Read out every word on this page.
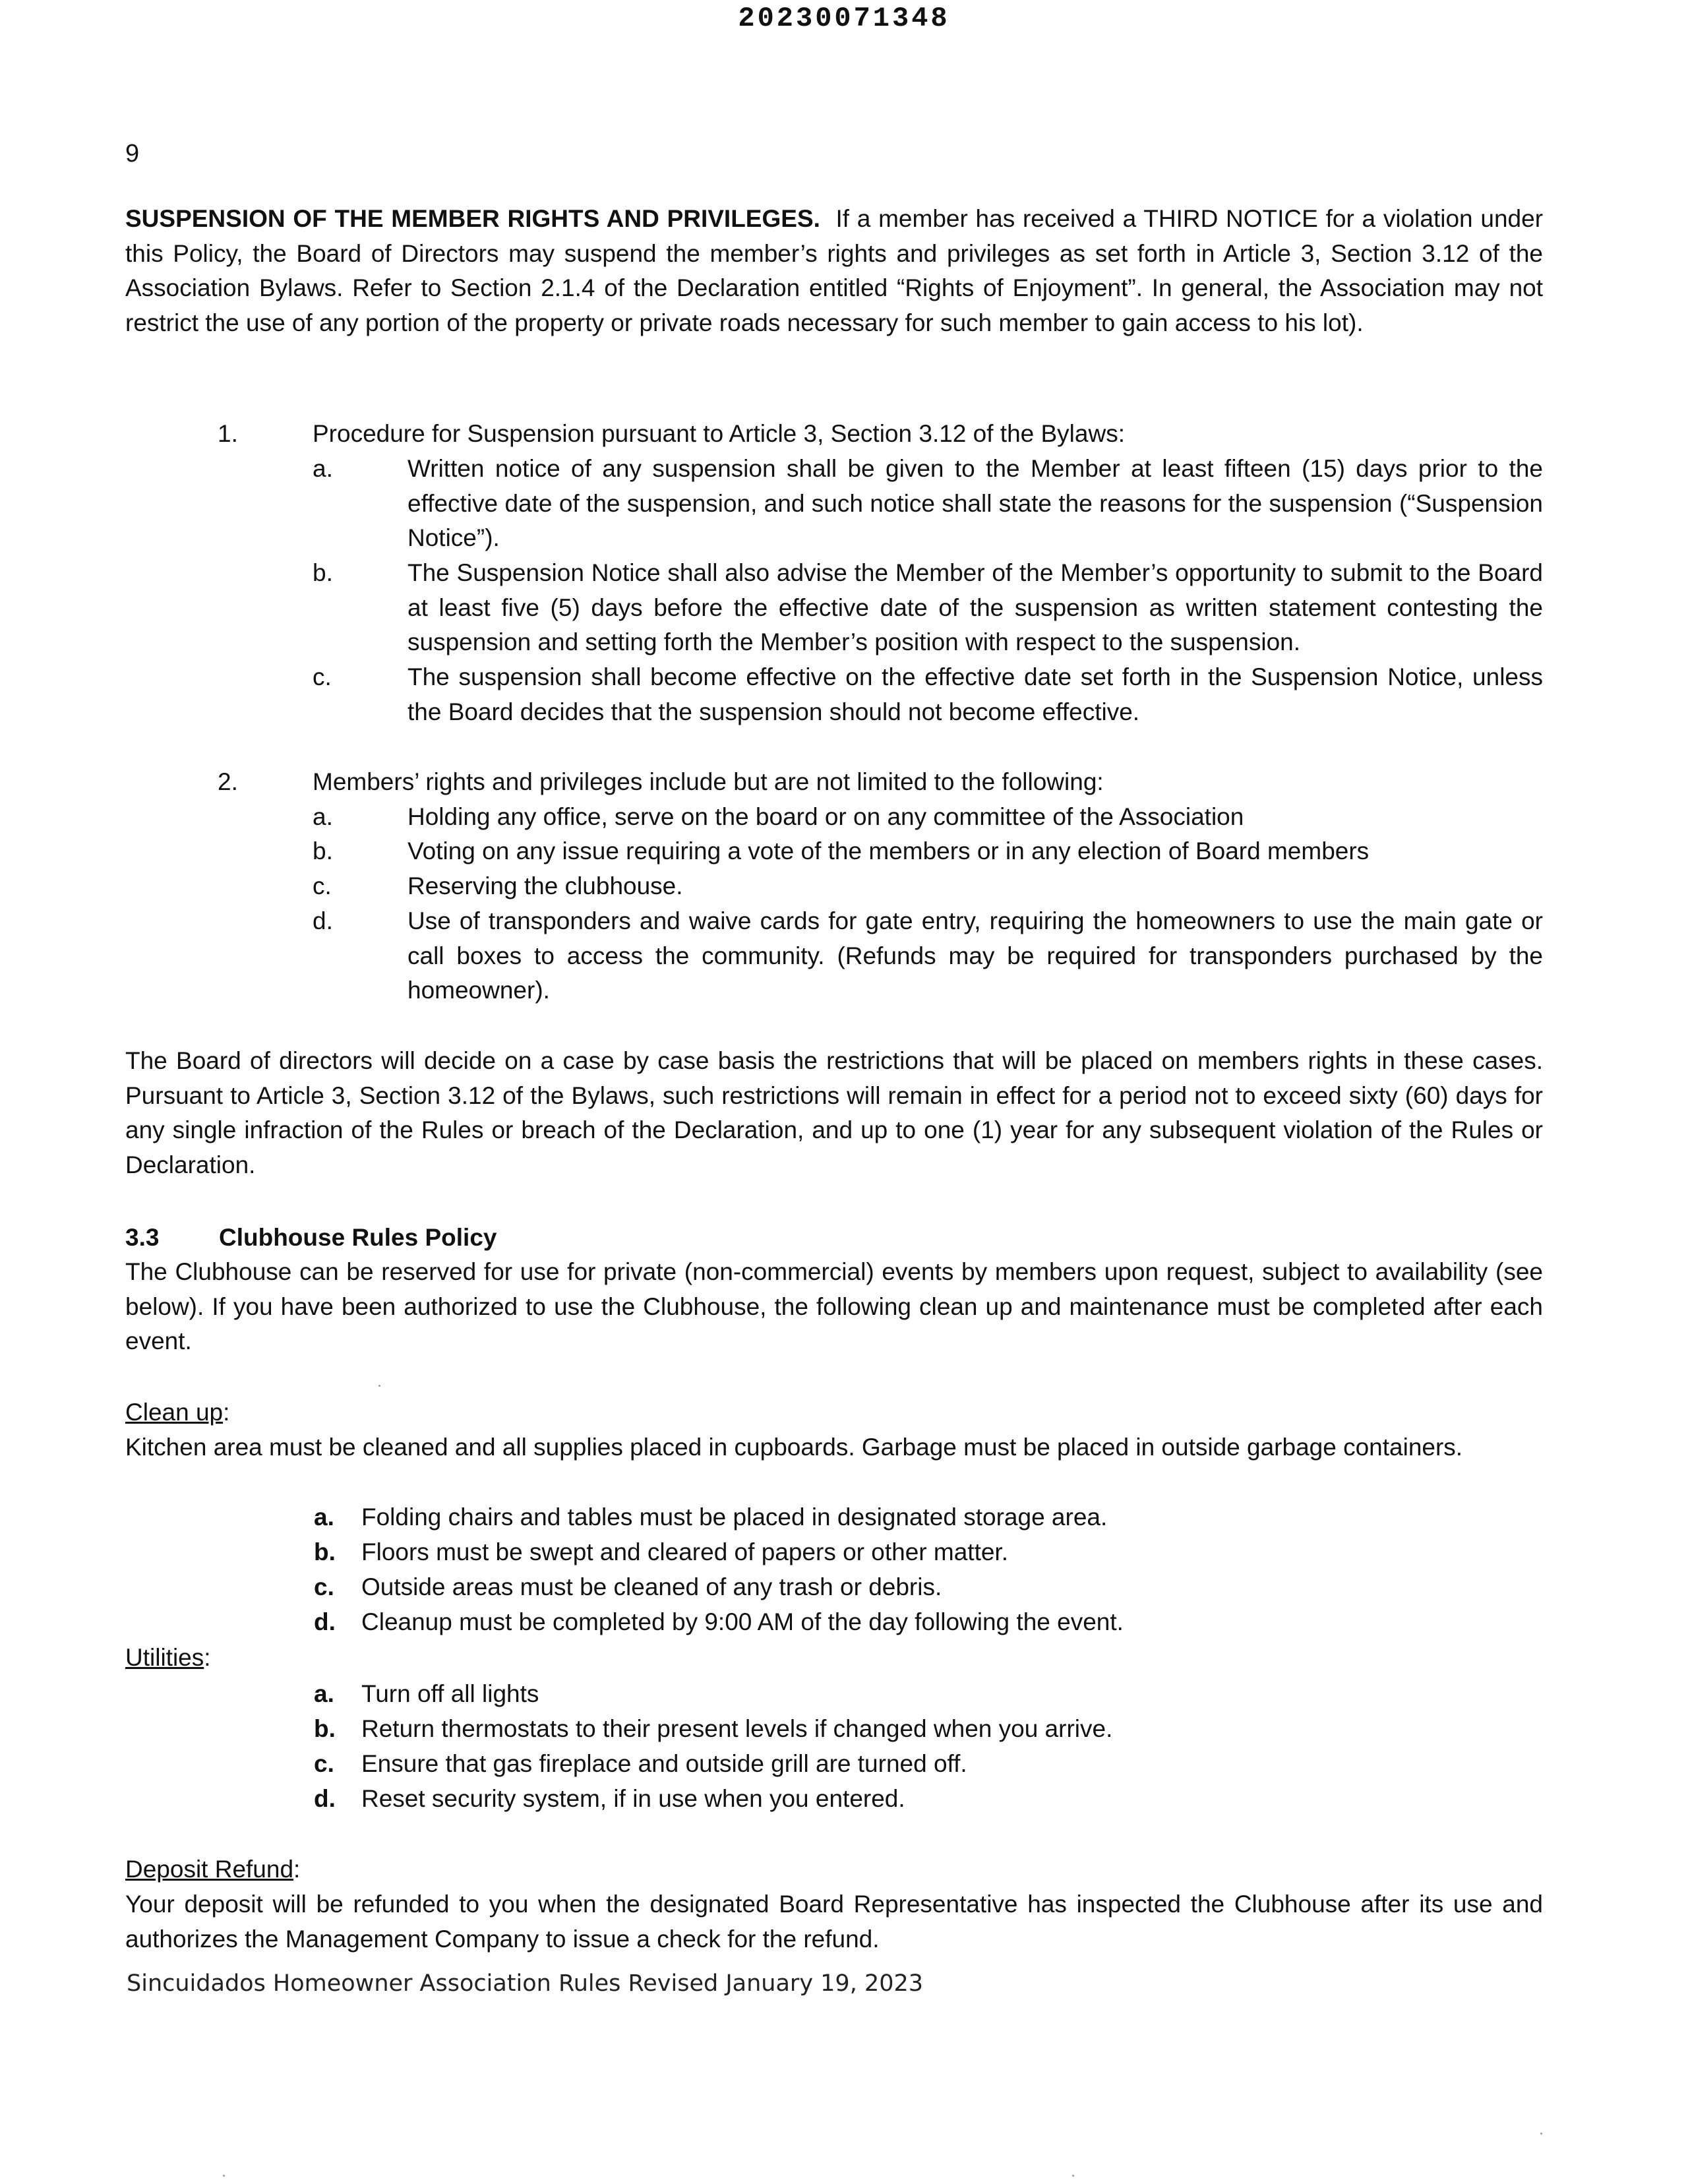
20230071348
9

SUSPENSION OF THE MEMBER RIGHTS AND PRIVILEGES. If a member has received a THIRD NOTICE for a violation under this Policy, the Board of Directors may suspend the member’s rights and privileges as set forth in Article 3, Section 3.12 of the Association Bylaws. Refer to Section 2.1.4 of the Declaration entitled “Rights of Enjoyment”. In general, the Association may not restrict the use of any portion of the property or private roads necessary for such member to gain access to his lot).

1.	Procedure for Suspension pursuant to Article 3, Section 3.12 of the Bylaws:
a.	Written notice of any suspension shall be given to the Member at least fifteen (15) days prior to the effective date of the suspension, and such notice shall state the reasons for the suspension (“Suspension Notice”).
b.	The Suspension Notice shall also advise the Member of the Member’s opportunity to submit to the Board at least five (5) days before the effective date of the suspension as written statement contesting the suspension and setting forth the Member’s position with respect to the suspension.
c.	The suspension shall become effective on the effective date set forth in the Suspension Notice, unless the Board decides that the suspension should not become effective.
2.	Members’ rights and privileges include but are not limited to the following:
a.	Holding any office, serve on the board or on any committee of the Association
b.	Voting on any issue requiring a vote of the members or in any election of Board members
c.	Reserving the clubhouse.
d.	Use of transponders and waive cards for gate entry, requiring the homeowners to use the main gate or call boxes to access the community. (Refunds may be required for transponders purchased by the homeowner).

The Board of directors will decide on a case by case basis the restrictions that will be placed on members rights in these cases. Pursuant to Article 3, Section 3.12 of the Bylaws, such restrictions will remain in effect for a period not to exceed sixty (60) days for any single infraction of the Rules or breach of the Declaration, and up to one (1) year for any subsequent violation of the Rules or Declaration.

3.3 Clubhouse Rules Policy

The Clubhouse can be reserved for use for private (non-commercial) events by members upon request, subject to availability (see below). If you have been authorized to use the Clubhouse, the following clean up and maintenance must be completed after each event.

Clean up:

Kitchen area must be cleaned and all supplies placed in cupboards. Garbage must be placed in outside garbage containers.

a. Folding chairs and tables must be placed in designated storage area.
b. Floors must be swept and cleared of papers or other matter.
c. Outside areas must be cleaned of any trash or debris.
d. Cleanup must be completed by 9:00 AM of the day following the event.
Utilities:
a. Turn off all lights
b. Return thermostats to their present levels if changed when you arrive.
c. Ensure that gas fireplace and outside grill are turned off.
d. Reset security system, if in use when you entered.
Deposit Refund:

Your deposit will be refunded to you when the designated Board Representative has inspected the Clubhouse after its use and authorizes the Management Company to issue a check for the refund.

Sincuidados Homeowner Association Rules Revised January 19, 2023
